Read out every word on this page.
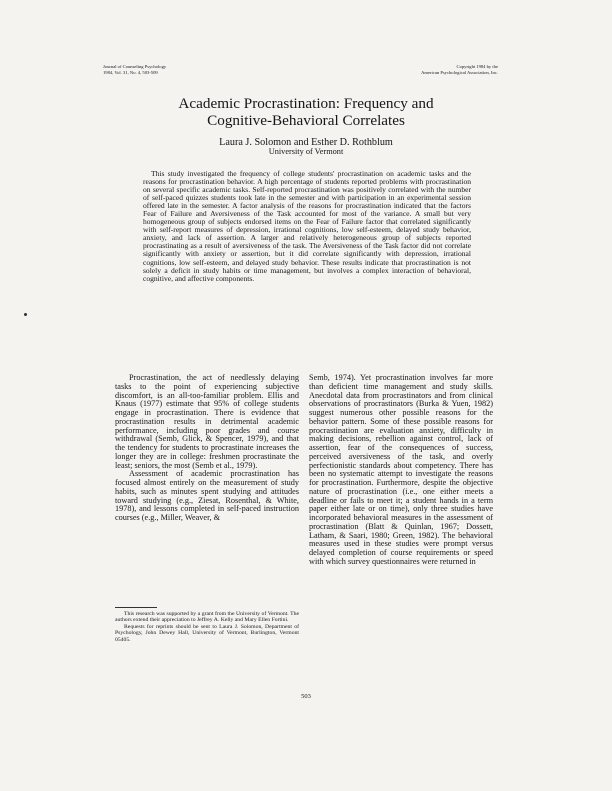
Journal of Counseling Psychology
1984, Vol. 31, No. 4, 503-509
Copyright 1984 by the
American Psychological Association, Inc.
Academic Procrastination: Frequency and
Cognitive-Behavioral Correlates
Laura J. Solomon and Esther D. Rothblum
University of Vermont
This study investigated the frequency of college students' procrastination on academic tasks and the reasons for procrastination behavior. A high percentage of students reported problems with procrastination on several specific academic tasks. Self-reported procrastination was positively correlated with the number of self-paced quizzes students took late in the semester and with participation in an experimental session offered late in the semester. A factor analysis of the reasons for procrastination indicated that the factors Fear of Failure and Aversiveness of the Task accounted for most of the variance. A small but very homogeneous group of subjects endorsed items on the Fear of Failure factor that correlated significantly with self-report measures of depression, irrational cognitions, low self-esteem, delayed study behavior, anxiety, and lack of assertion. A larger and relatively heterogeneous group of subjects reported procrastinating as a result of aversiveness of the task. The Aversiveness of the Task factor did not correlate significantly with anxiety or assertion, but it did correlate significantly with depression, irrational cognitions, low self-esteem, and delayed study behavior. These results indicate that procrastination is not solely a deficit in study habits or time management, but involves a complex interaction of behavioral, cognitive, and affective components.

Procrastination, the act of needlessly delaying tasks to the point of experiencing subjective discomfort, is an all-too-familiar problem. Ellis and Knaus (1977) estimate that 95% of college students engage in procrastination. There is evidence that procrastination results in detrimental academic performance, including poor grades and course withdrawal (Semb, Glick, & Spencer, 1979), and that the tendency for students to procrastinate increases the longer they are in college: freshmen procrastinate the least; seniors, the most (Semb et al., 1979).

Assessment of academic procrastination has focused almost entirely on the measurement of study habits, such as minutes spent studying and attitudes toward studying (e.g., Ziesat, Rosenthal, & White, 1978), and lessons completed in self-paced instruction courses (e.g., Miller, Weaver, &

Semb, 1974). Yet procrastination involves far more than deficient time management and study skills. Anecdotal data from procrastinators and from clinical observations of procrastinators (Burka & Yuen, 1982) suggest numerous other possible reasons for the behavior pattern. Some of these possible reasons for procrastination are evaluation anxiety, difficulty in making decisions, rebellion against control, lack of assertion, fear of the consequences of success, perceived aversiveness of the task, and overly perfectionistic standards about competency. There has been no systematic attempt to investigate the reasons for procrastination. Furthermore, despite the objective nature of procrastination (i.e., one either meets a deadline or fails to meet it; a student hands in a term paper either late or on time), only three studies have incorporated behavioral measures in the assessment of procrastination (Blatt & Quinlan, 1967; Dossett, Latham, & Saari, 1980; Green, 1982). The behavioral measures used in these studies were prompt versus delayed completion of course requirements or speed with which survey questionnaires were returned in

This research was supported by a grant from the University of Vermont. The authors extend their appreciation to Jeffrey A. Kelly and Mary Ellen Fortini.

Requests for reprints should be sent to Laura J. Solomon, Department of Psychology, John Dewey Hall, University of Vermont, Burlington, Vermont 05405.

503
